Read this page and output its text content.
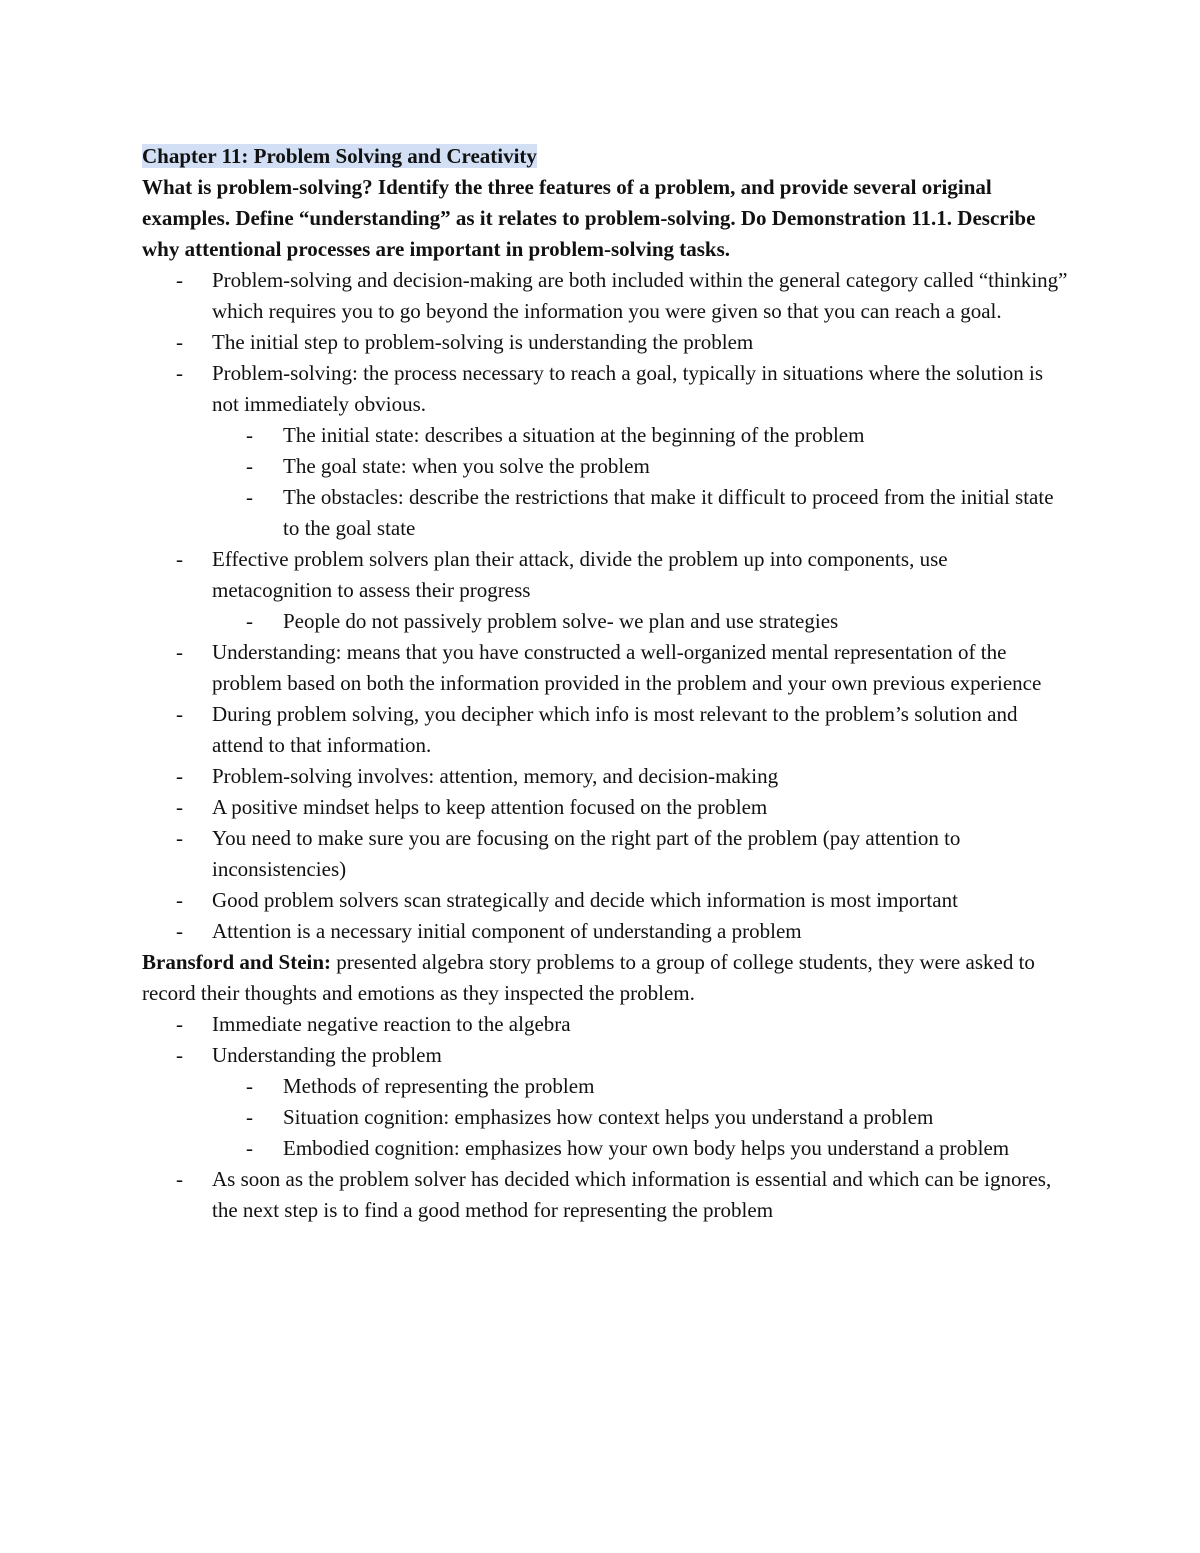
Chapter 11: Problem Solving and Creativity

What is problem-solving? Identify the three features of a problem, and provide several original examples. Define “understanding” as it relates to problem-solving. Do Demonstration 11.1. Describe why attentional processes are important in problem-solving tasks.

- Problem-solving and decision-making are both included within the general category called “thinking” which requires you to go beyond the information you were given so that you can reach a goal.
- The initial step to problem-solving is understanding the problem
- Problem-solving: the process necessary to reach a goal, typically in situations where the solution is not immediately obvious.
- The initial state: describes a situation at the beginning of the problem
- The goal state: when you solve the problem
- The obstacles: describe the restrictions that make it difficult to proceed from the initial state to the goal state
- Effective problem solvers plan their attack, divide the problem up into components, use metacognition to assess their progress
- People do not passively problem solve- we plan and use strategies
- Understanding: means that you have constructed a well-organized mental representation of the problem based on both the information provided in the problem and your own previous experience
- During problem solving, you decipher which info is most relevant to the problem’s solution and attend to that information.
- Problem-solving involves: attention, memory, and decision-making
- A positive mindset helps to keep attention focused on the problem
- You need to make sure you are focusing on the right part of the problem (pay attention to inconsistencies)
- Good problem solvers scan strategically and decide which information is most important
- Attention is a necessary initial component of understanding a problem

Bransford and Stein: presented algebra story problems to a group of college students, they were asked to record their thoughts and emotions as they inspected the problem.

- Immediate negative reaction to the algebra
- Understanding the problem
- Methods of representing the problem
- Situation cognition: emphasizes how context helps you understand a problem
- Embodied cognition: emphasizes how your own body helps you understand a problem
- As soon as the problem solver has decided which information is essential and which can be ignores, the next step is to find a good method for representing the problem
